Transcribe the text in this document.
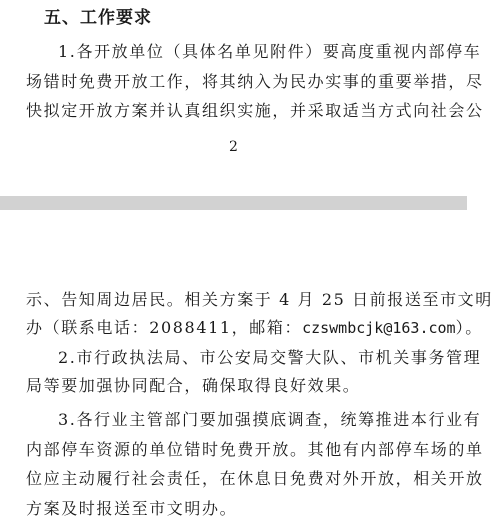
五、工作要求
1.各开放单位（具体名单见附件）要高度重视内部停车
场错时免费开放工作，将其纳入为民办实事的重要举措，尽
快拟定开放方案并认真组织实施，并采取适当方式向社会公
2
示、告知周边居民。相关方案于 4 月 25 日前报送至市文明
办（联系电话：2088411，邮箱：czswmbcjk@163.com）。
2.市行政执法局、市公安局交警大队、市机关事务管理
局等要加强协同配合，确保取得良好效果。
3.各行业主管部门要加强摸底调查，统筹推进本行业有
内部停车资源的单位错时免费开放。其他有内部停车场的单
位应主动履行社会责任，在休息日免费对外开放，相关开放
方案及时报送至市文明办。
